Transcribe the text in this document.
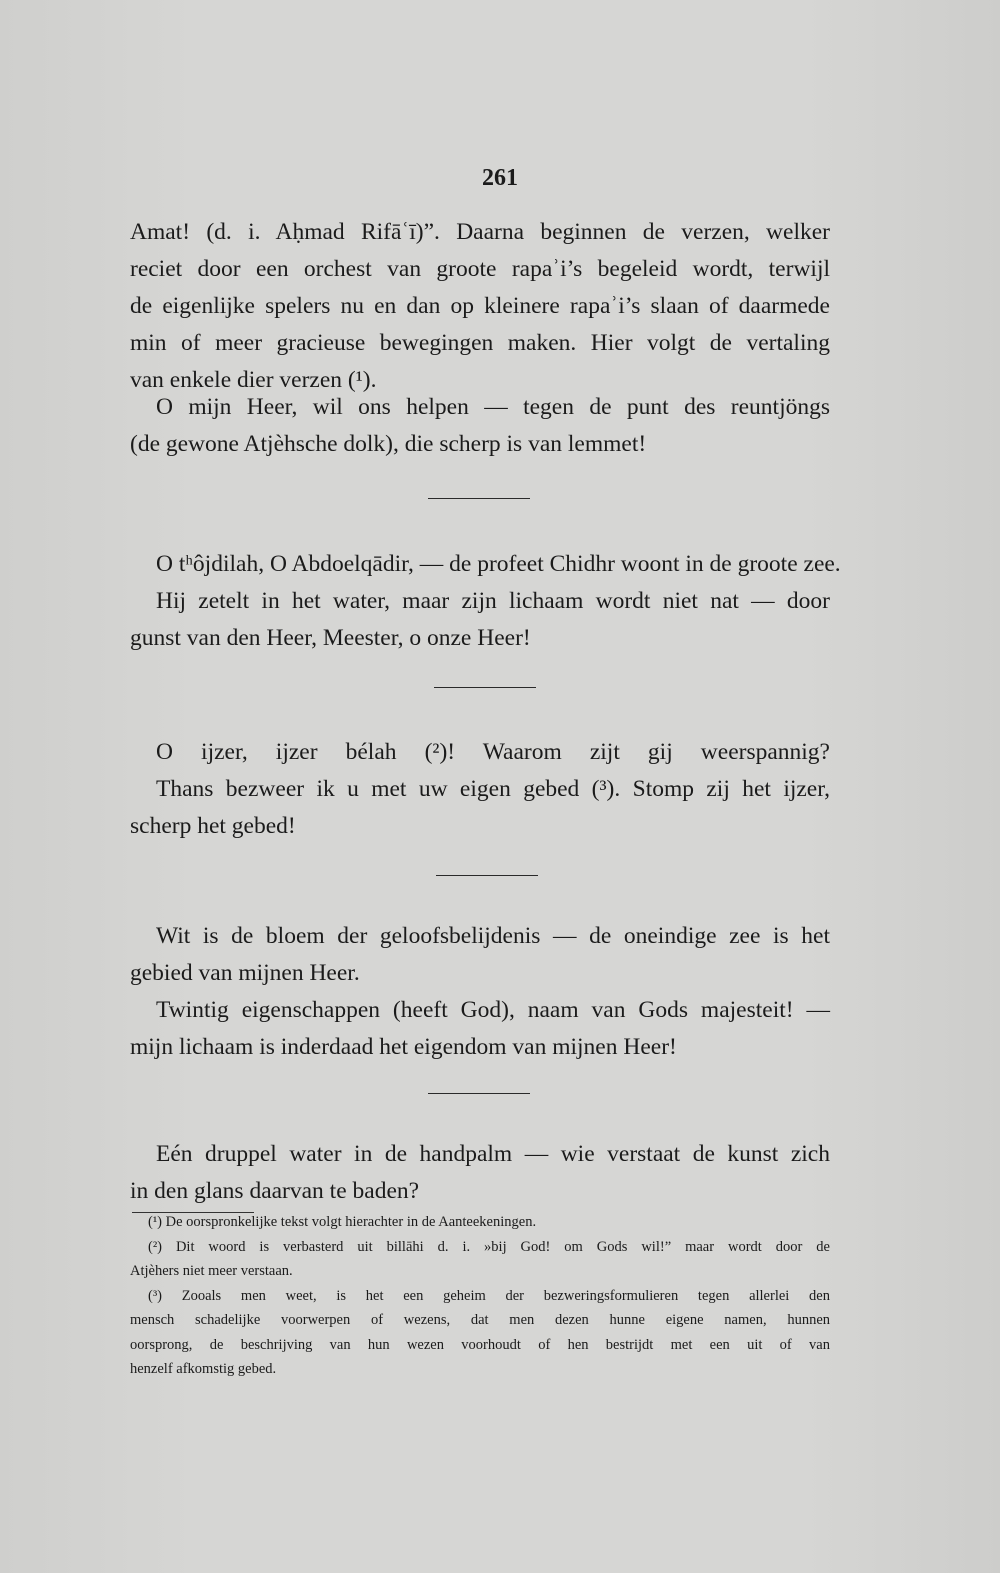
261
Amat! (d. i. Aḥmad Rifāʿī)”. Daarna beginnen de verzen, welker
reciet door een orchest van groote rapaʾi’s begeleid wordt, terwijl
de eigenlijke spelers nu en dan op kleinere rapaʾi’s slaan of daarmede
min of meer gracieuse bewegingen maken. Hier volgt de vertaling
van enkele dier verzen (¹).
O mijn Heer, wil ons helpen — tegen de punt des reuntjöngs
(de gewone Atjèhsche dolk), die scherp is van lemmet!
O tʰôjdilah, O Abdoelqādir, — de profeet Chidhr woont in de groote zee.
Hij zetelt in het water, maar zijn lichaam wordt niet nat — door
gunst van den Heer, Meester, o onze Heer!
O ijzer, ijzer bélah (²)! Waarom zijt gij weerspannig?
Thans bezweer ik u met uw eigen gebed (³). Stomp zij het ijzer,
scherp het gebed!
Wit is de bloem der geloofsbelijdenis — de oneindige zee is het
gebied van mijnen Heer.
Twintig eigenschappen (heeft God), naam van Gods majesteit! —
mijn lichaam is inderdaad het eigendom van mijnen Heer!
Eén druppel water in de handpalm — wie verstaat de kunst zich
in den glans daarvan te baden?
(¹) De oorspronkelijke tekst volgt hierachter in de Aanteekeningen.
(²) Dit woord is verbasterd uit billāhi d. i. »bij God! om Gods wil!” maar wordt door de
Atjèhers niet meer verstaan.
(³) Zooals men weet, is het een geheim der bezweringsformulieren tegen allerlei den
mensch schadelijke voorwerpen of wezens, dat men dezen hunne eigene namen, hunnen
oorsprong, de beschrijving van hun wezen voorhoudt of hen bestrijdt met een uit of van
henzelf afkomstig gebed.
